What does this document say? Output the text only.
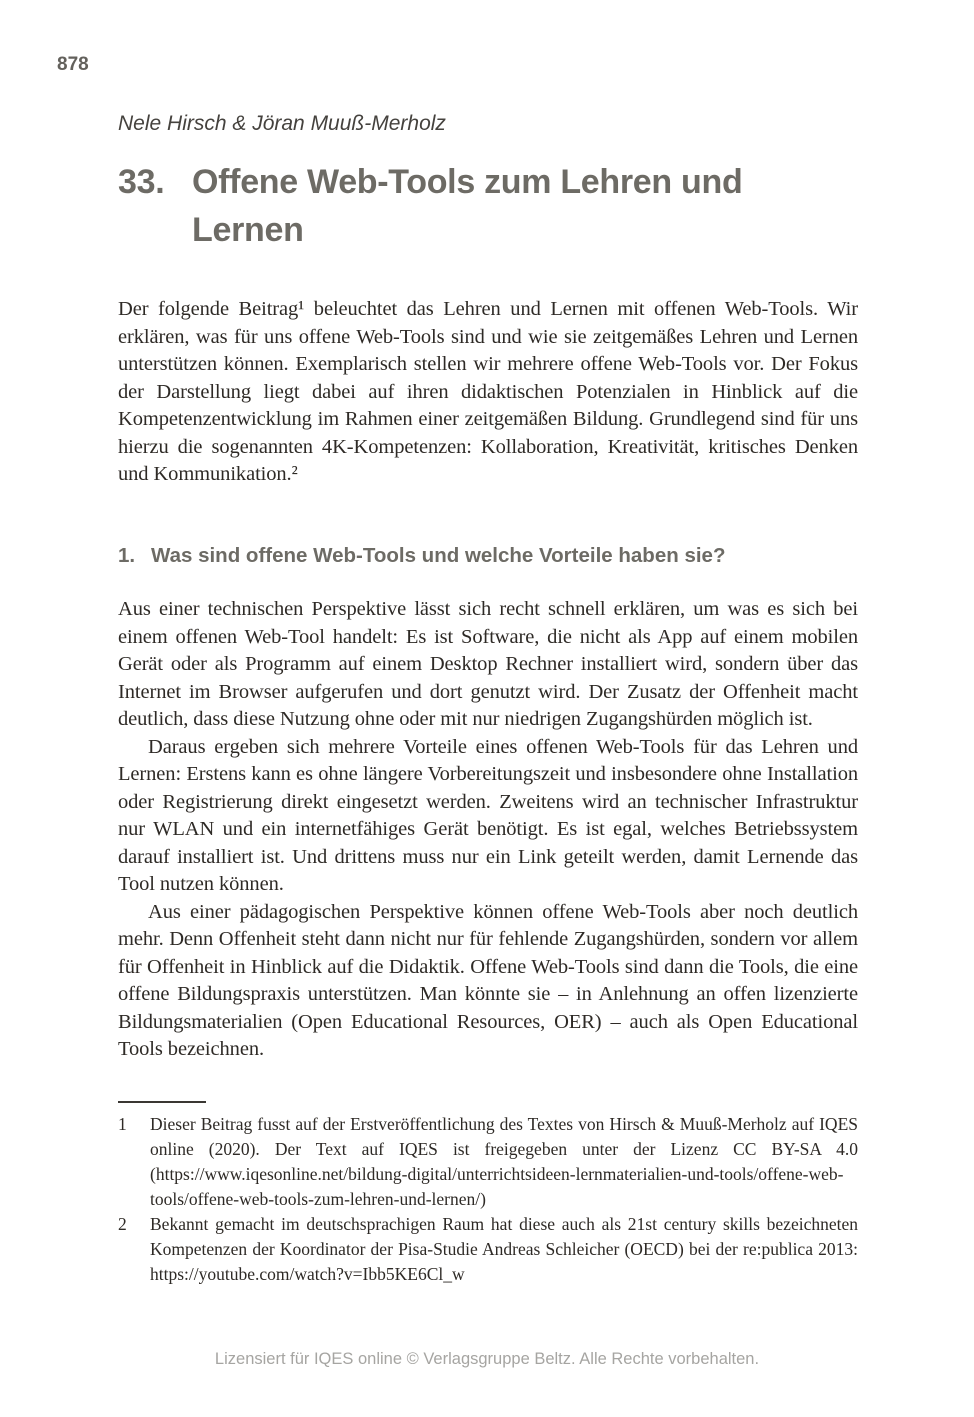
878
Nele Hirsch & Jöran Muuß-Merholz
33. Offene Web-Tools zum Lehren und Lernen

Der folgende Beitrag¹ beleuchtet das Lehren und Lernen mit offenen Web-Tools. Wir erklären, was für uns offene Web-Tools sind und wie sie zeitgemäßes Lehren und Lernen unterstützen können. Exemplarisch stellen wir mehrere offene Web-Tools vor. Der Fokus der Darstellung liegt dabei auf ihren didaktischen Potenzialen in Hinblick auf die Kompetenzentwicklung im Rahmen einer zeitgemäßen Bildung. Grundlegend sind für uns hierzu die sogenannten 4K-Kompetenzen: Kollaboration, Kreativität, kritisches Denken und Kommunikation.²

1. Was sind offene Web-Tools und welche Vorteile haben sie?

Aus einer technischen Perspektive lässt sich recht schnell erklären, um was es sich bei einem offenen Web-Tool handelt: Es ist Software, die nicht als App auf einem mobilen Gerät oder als Programm auf einem Desktop Rechner installiert wird, sondern über das Internet im Browser aufgerufen und dort genutzt wird. Der Zusatz der Offenheit macht deutlich, dass diese Nutzung ohne oder mit nur niedrigen Zugangshürden möglich ist.

Daraus ergeben sich mehrere Vorteile eines offenen Web-Tools für das Lehren und Lernen: Erstens kann es ohne längere Vorbereitungszeit und insbesondere ohne Installation oder Registrierung direkt eingesetzt werden. Zweitens wird an technischer Infrastruktur nur WLAN und ein internetfähiges Gerät benötigt. Es ist egal, welches Betriebssystem darauf installiert ist. Und drittens muss nur ein Link geteilt werden, damit Lernende das Tool nutzen können.

Aus einer pädagogischen Perspektive können offene Web-Tools aber noch deutlich mehr. Denn Offenheit steht dann nicht nur für fehlende Zugangshürden, sondern vor allem für Offenheit in Hinblick auf die Didaktik. Offene Web-Tools sind dann die Tools, die eine offene Bildungspraxis unterstützen. Man könnte sie – in Anlehnung an offen lizenzierte Bildungsmaterialien (Open Educational Resources, OER) – auch als Open Educational Tools bezeichnen.

1	Dieser Beitrag fusst auf der Erstveröffentlichung des Textes von Hirsch & Muuß-Merholz auf IQES online (2020). Der Text auf IQES ist freigegeben unter der Lizenz CC BY-SA 4.0 (https://www.iqesonline.net/bildung-digital/unterrichtsideen-lernmaterialien-und-tools/offene-web-tools/offene-web-tools-zum-lehren-und-lernen/)
2	Bekannt gemacht im deutschsprachigen Raum hat diese auch als 21st century skills bezeichneten Kompetenzen der Koordinator der Pisa-Studie Andreas Schleicher (OECD) bei der re:publica 2013: https://youtube.com/watch?v=Ibb5KE6Cl_w
Lizensiert für IQES online © Verlagsgruppe Beltz. Alle Rechte vorbehalten.
